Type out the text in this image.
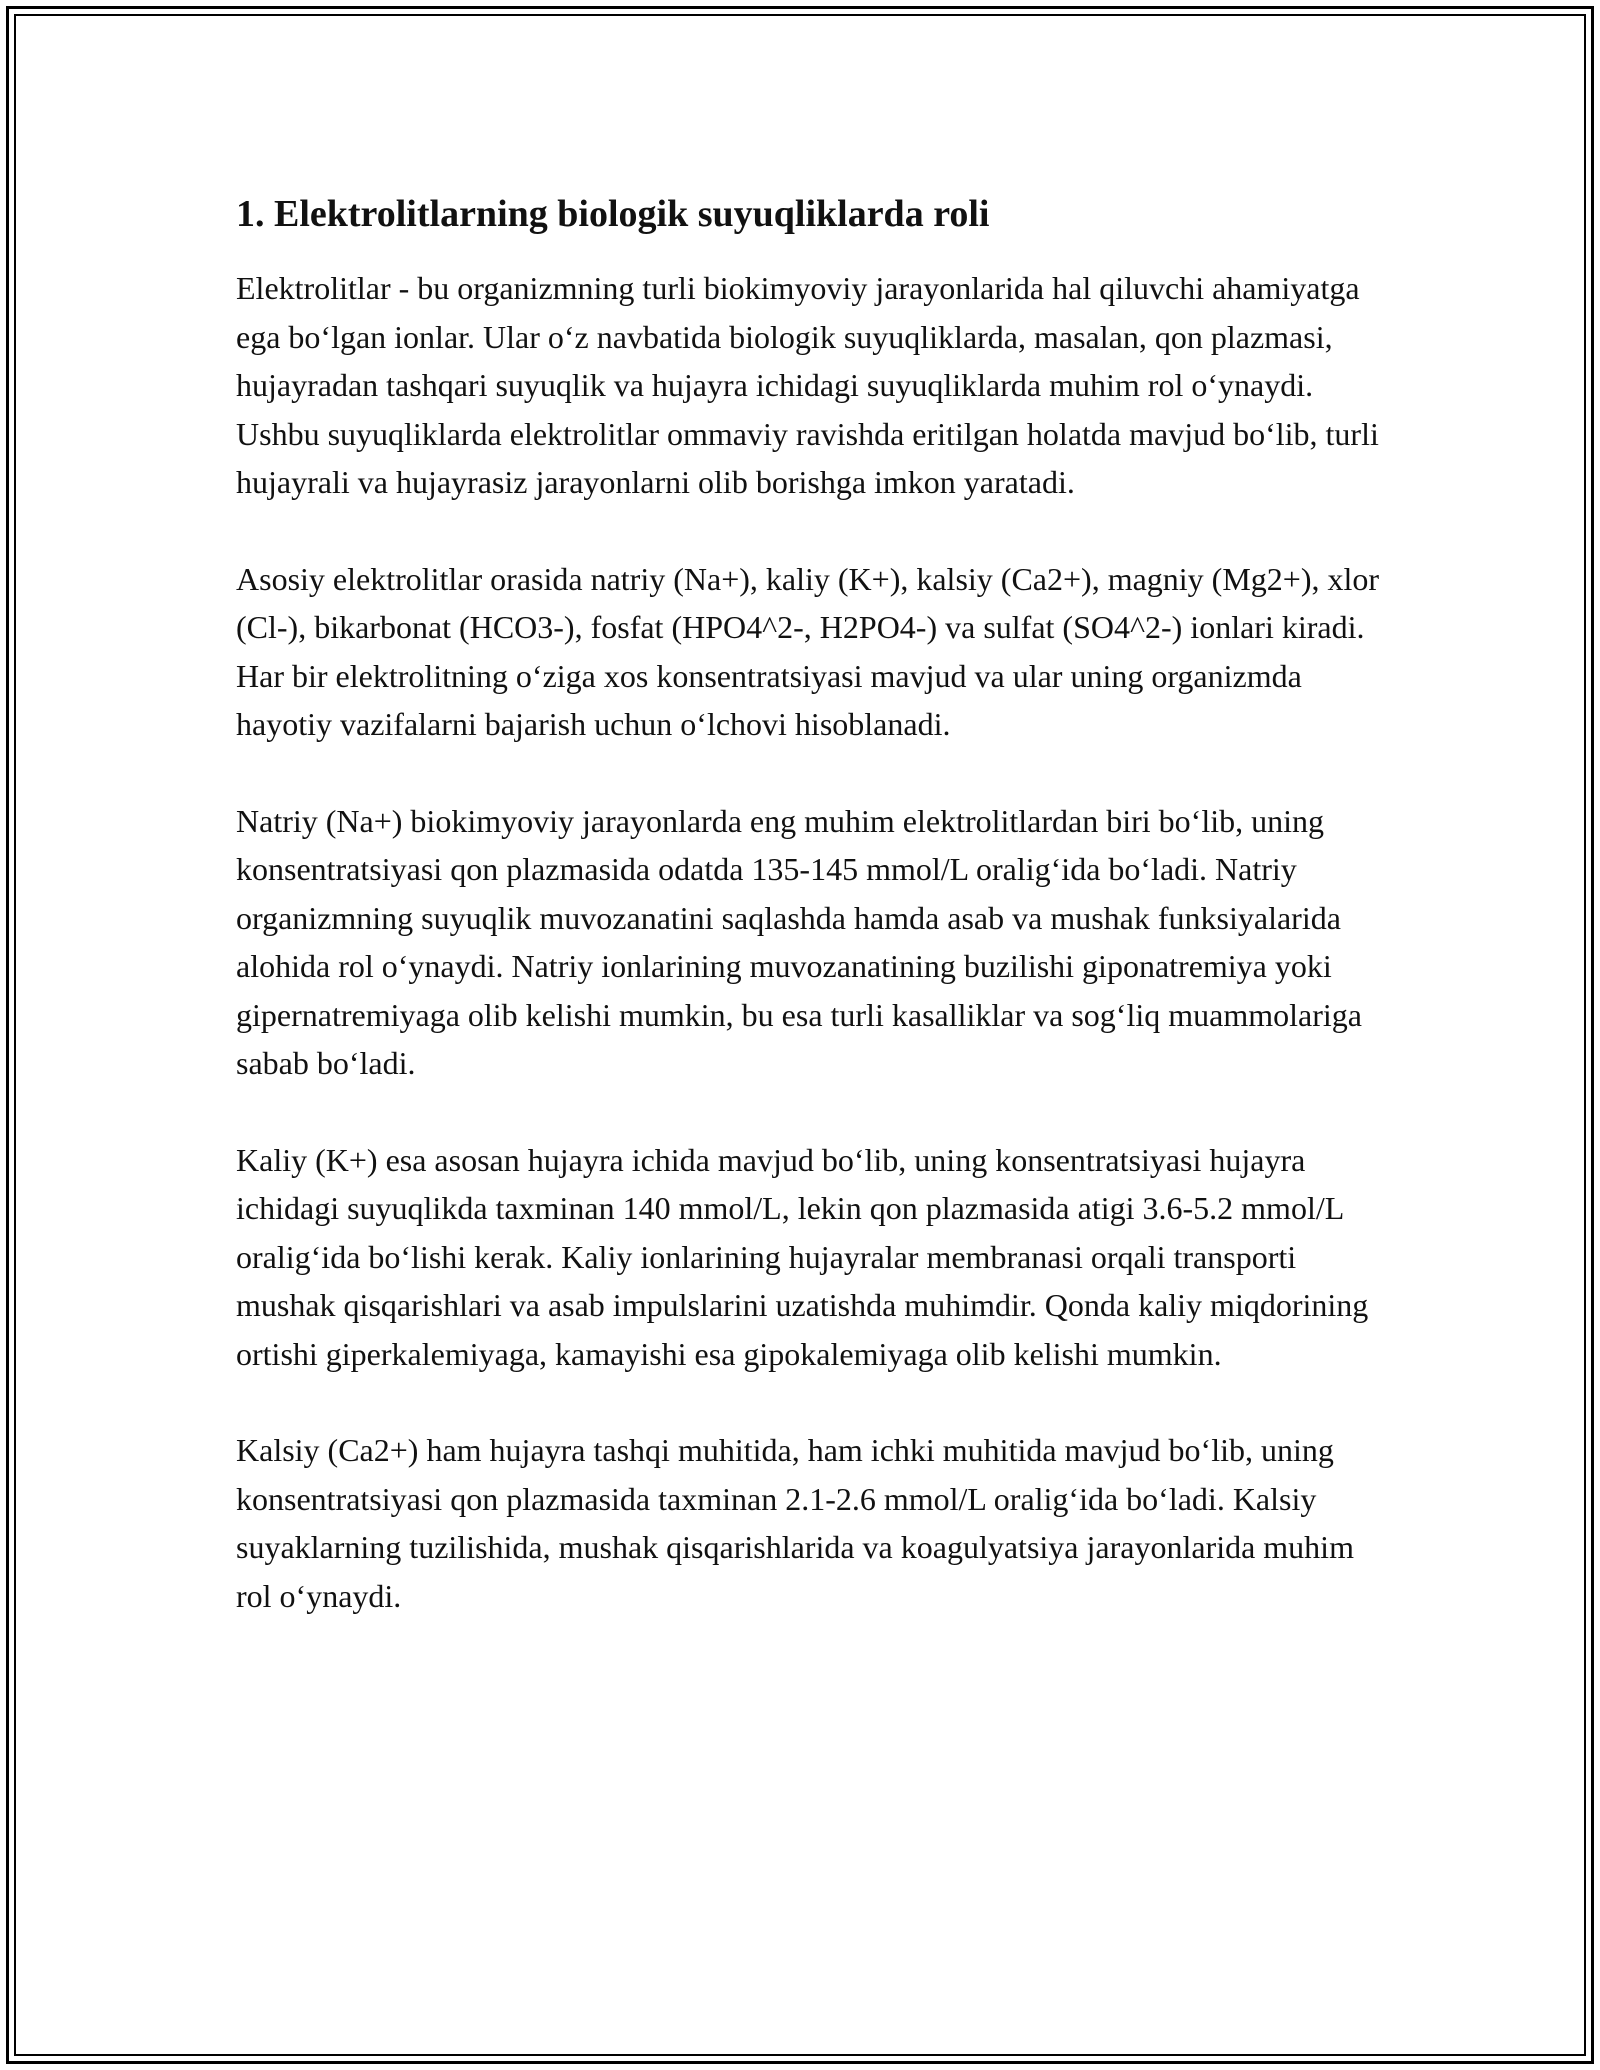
1. Elektrolitlarning biologik suyuqliklarda roli

Elektrolitlar - bu organizmning turli biokimyoviy jarayonlarida hal qiluvchi ahamiyatga ega bo‘lgan ionlar. Ular o‘z navbatida biologik suyuqliklarda, masalan, qon plazmasi, hujayradan tashqari suyuqlik va hujayra ichidagi suyuqliklarda muhim rol o‘ynaydi. Ushbu suyuqliklarda elektrolitlar ommaviy ravishda eritilgan holatda mavjud bo‘lib, turli hujayrali va hujayrasiz jarayonlarni olib borishga imkon yaratadi.

Asosiy elektrolitlar orasida natriy (Na+), kaliy (K+), kalsiy (Ca2+), magniy (Mg2+), xlor (Cl-), bikarbonat (HCO3-), fosfat (HPO4^2-, H2PO4-) va sulfat (SO4^2-) ionlari kiradi. Har bir elektrolitning o‘ziga xos konsentratsiyasi mavjud va ular uning organizmda hayotiy vazifalarni bajarish uchun o‘lchovi hisoblanadi.

Natriy (Na+) biokimyoviy jarayonlarda eng muhim elektrolitlardan biri bo‘lib, uning konsentratsiyasi qon plazmasida odatda 135-145 mmol/L oralig‘ida bo‘ladi. Natriy organizmning suyuqlik muvozanatini saqlashda hamda asab va mushak funksiyalarida alohida rol o‘ynaydi. Natriy ionlarining muvozanatining buzilishi giponatremiya yoki gipernatremiyaga olib kelishi mumkin, bu esa turli kasalliklar va sog‘liq muammolariga sabab bo‘ladi.

Kaliy (K+) esa asosan hujayra ichida mavjud bo‘lib, uning konsentratsiyasi hujayra ichidagi suyuqlikda taxminan 140 mmol/L, lekin qon plazmasida atigi 3.6-5.2 mmol/L oralig‘ida bo‘lishi kerak. Kaliy ionlarining hujayralar membranasi orqali transporti mushak qisqarishlari va asab impulslarini uzatishda muhimdir. Qonda kaliy miqdorining ortishi giperkalemiyaga, kamayishi esa gipokalemiyaga olib kelishi mumkin.

Kalsiy (Ca2+) ham hujayra tashqi muhitida, ham ichki muhitida mavjud bo‘lib, uning konsentratsiyasi qon plazmasida taxminan 2.1-2.6 mmol/L oralig‘ida bo‘ladi. Kalsiy suyaklarning tuzilishida, mushak qisqarishlarida va koagulyatsiya jarayonlarida muhim rol o‘ynaydi.
